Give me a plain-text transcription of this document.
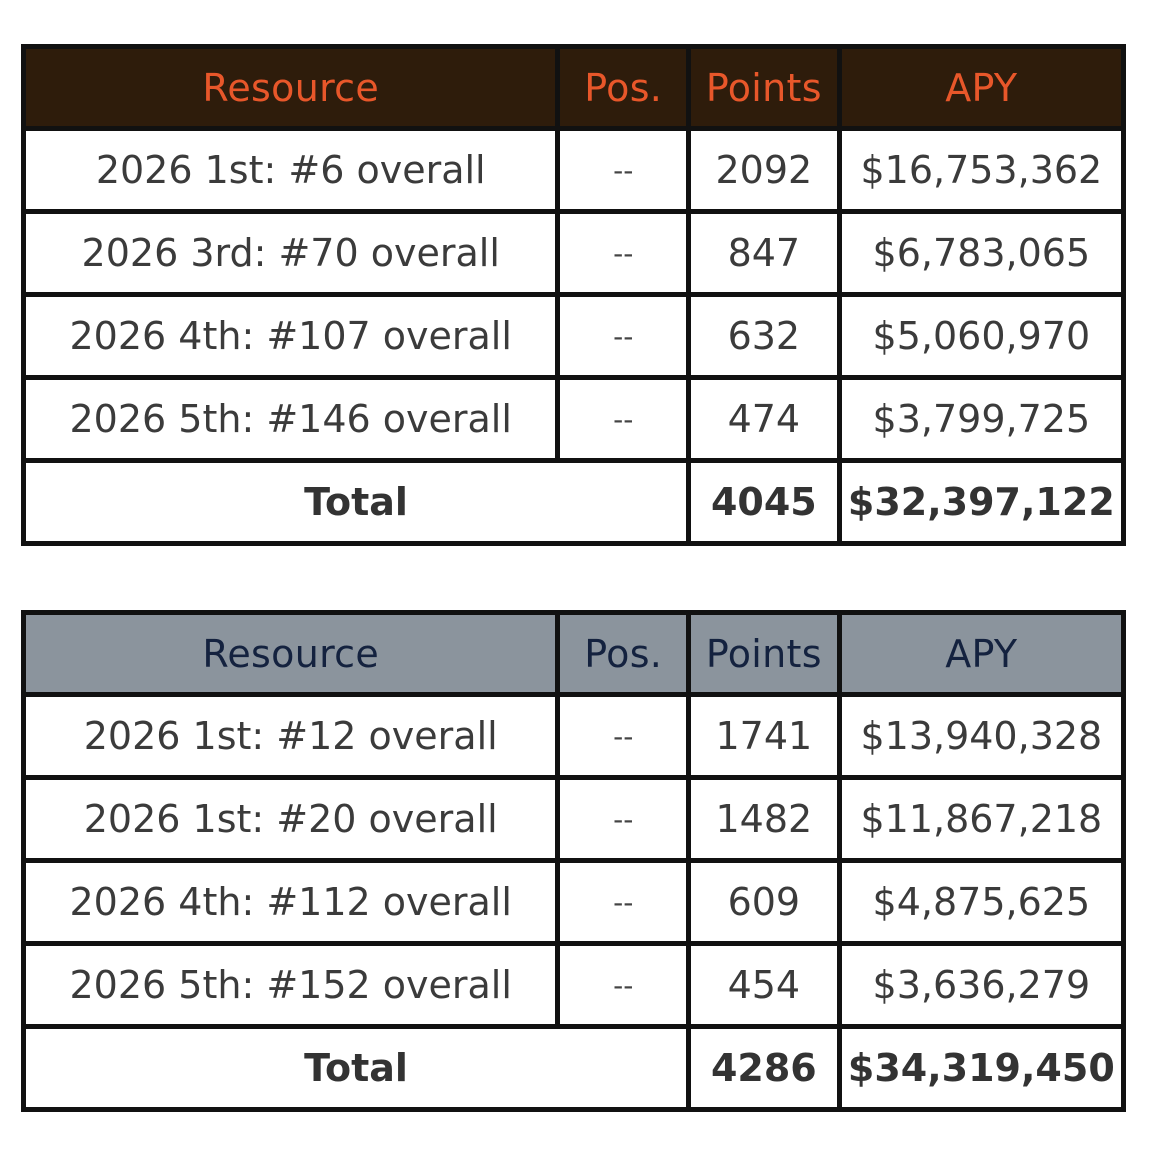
Resource	Pos.	Points	APY
2026 1st: #6 overall	--	2092	$16,753,362
2026 3rd: #70 overall	--	847	$6,783,065
2026 4th: #107 overall	--	632	$5,060,970
2026 5th: #146 overall	--	474	$3,799,725
Total		4045	$32,397,122
Resource	Pos.	Points	APY
2026 1st: #12 overall	--	1741	$13,940,328
2026 1st: #20 overall	--	1482	$11,867,218
2026 4th: #112 overall	--	609	$4,875,625
2026 5th: #152 overall	--	454	$3,636,279
Total		4286	$34,319,450
